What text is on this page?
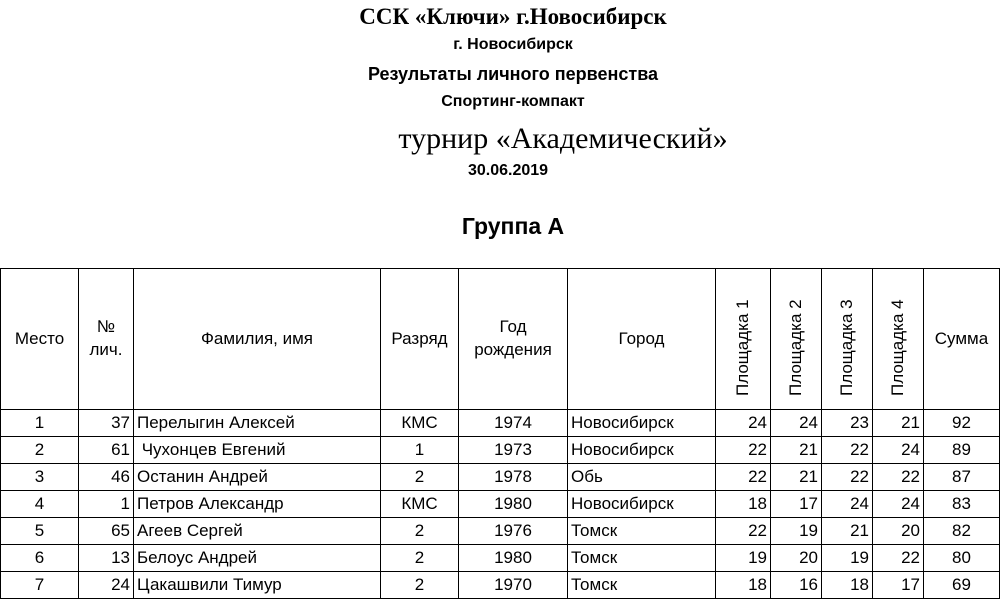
ССК «Ключи» г.Новосибирск
г. Новосибирск
Результаты личного первенства
Спортинг-компакт
турнир «Академический»
30.06.2019
Группа А
Место	№ лич.	Фамилия, имя	Разряд	Год рождения	Город	Площадка 1	Площадка 2	Площадка 3	Площадка 4	Сумма
1	37	Перелыгин Алексей	КМС	1974	Новосибирск	24	24	23	21	92
2	61	Чухонцев Евгений	1	1973	Новосибирск	22	21	22	24	89
3	46	Останин Андрей	2	1978	Обь	22	21	22	22	87
4	1	Петров Александр	КМС	1980	Новосибирск	18	17	24	24	83
5	65	Агеев Сергей	2	1976	Томск	22	19	21	20	82
6	13	Белоус Андрей	2	1980	Томск	19	20	19	22	80
7	24	Цакашвили Тимур	2	1970	Томск	18	16	18	17	69
